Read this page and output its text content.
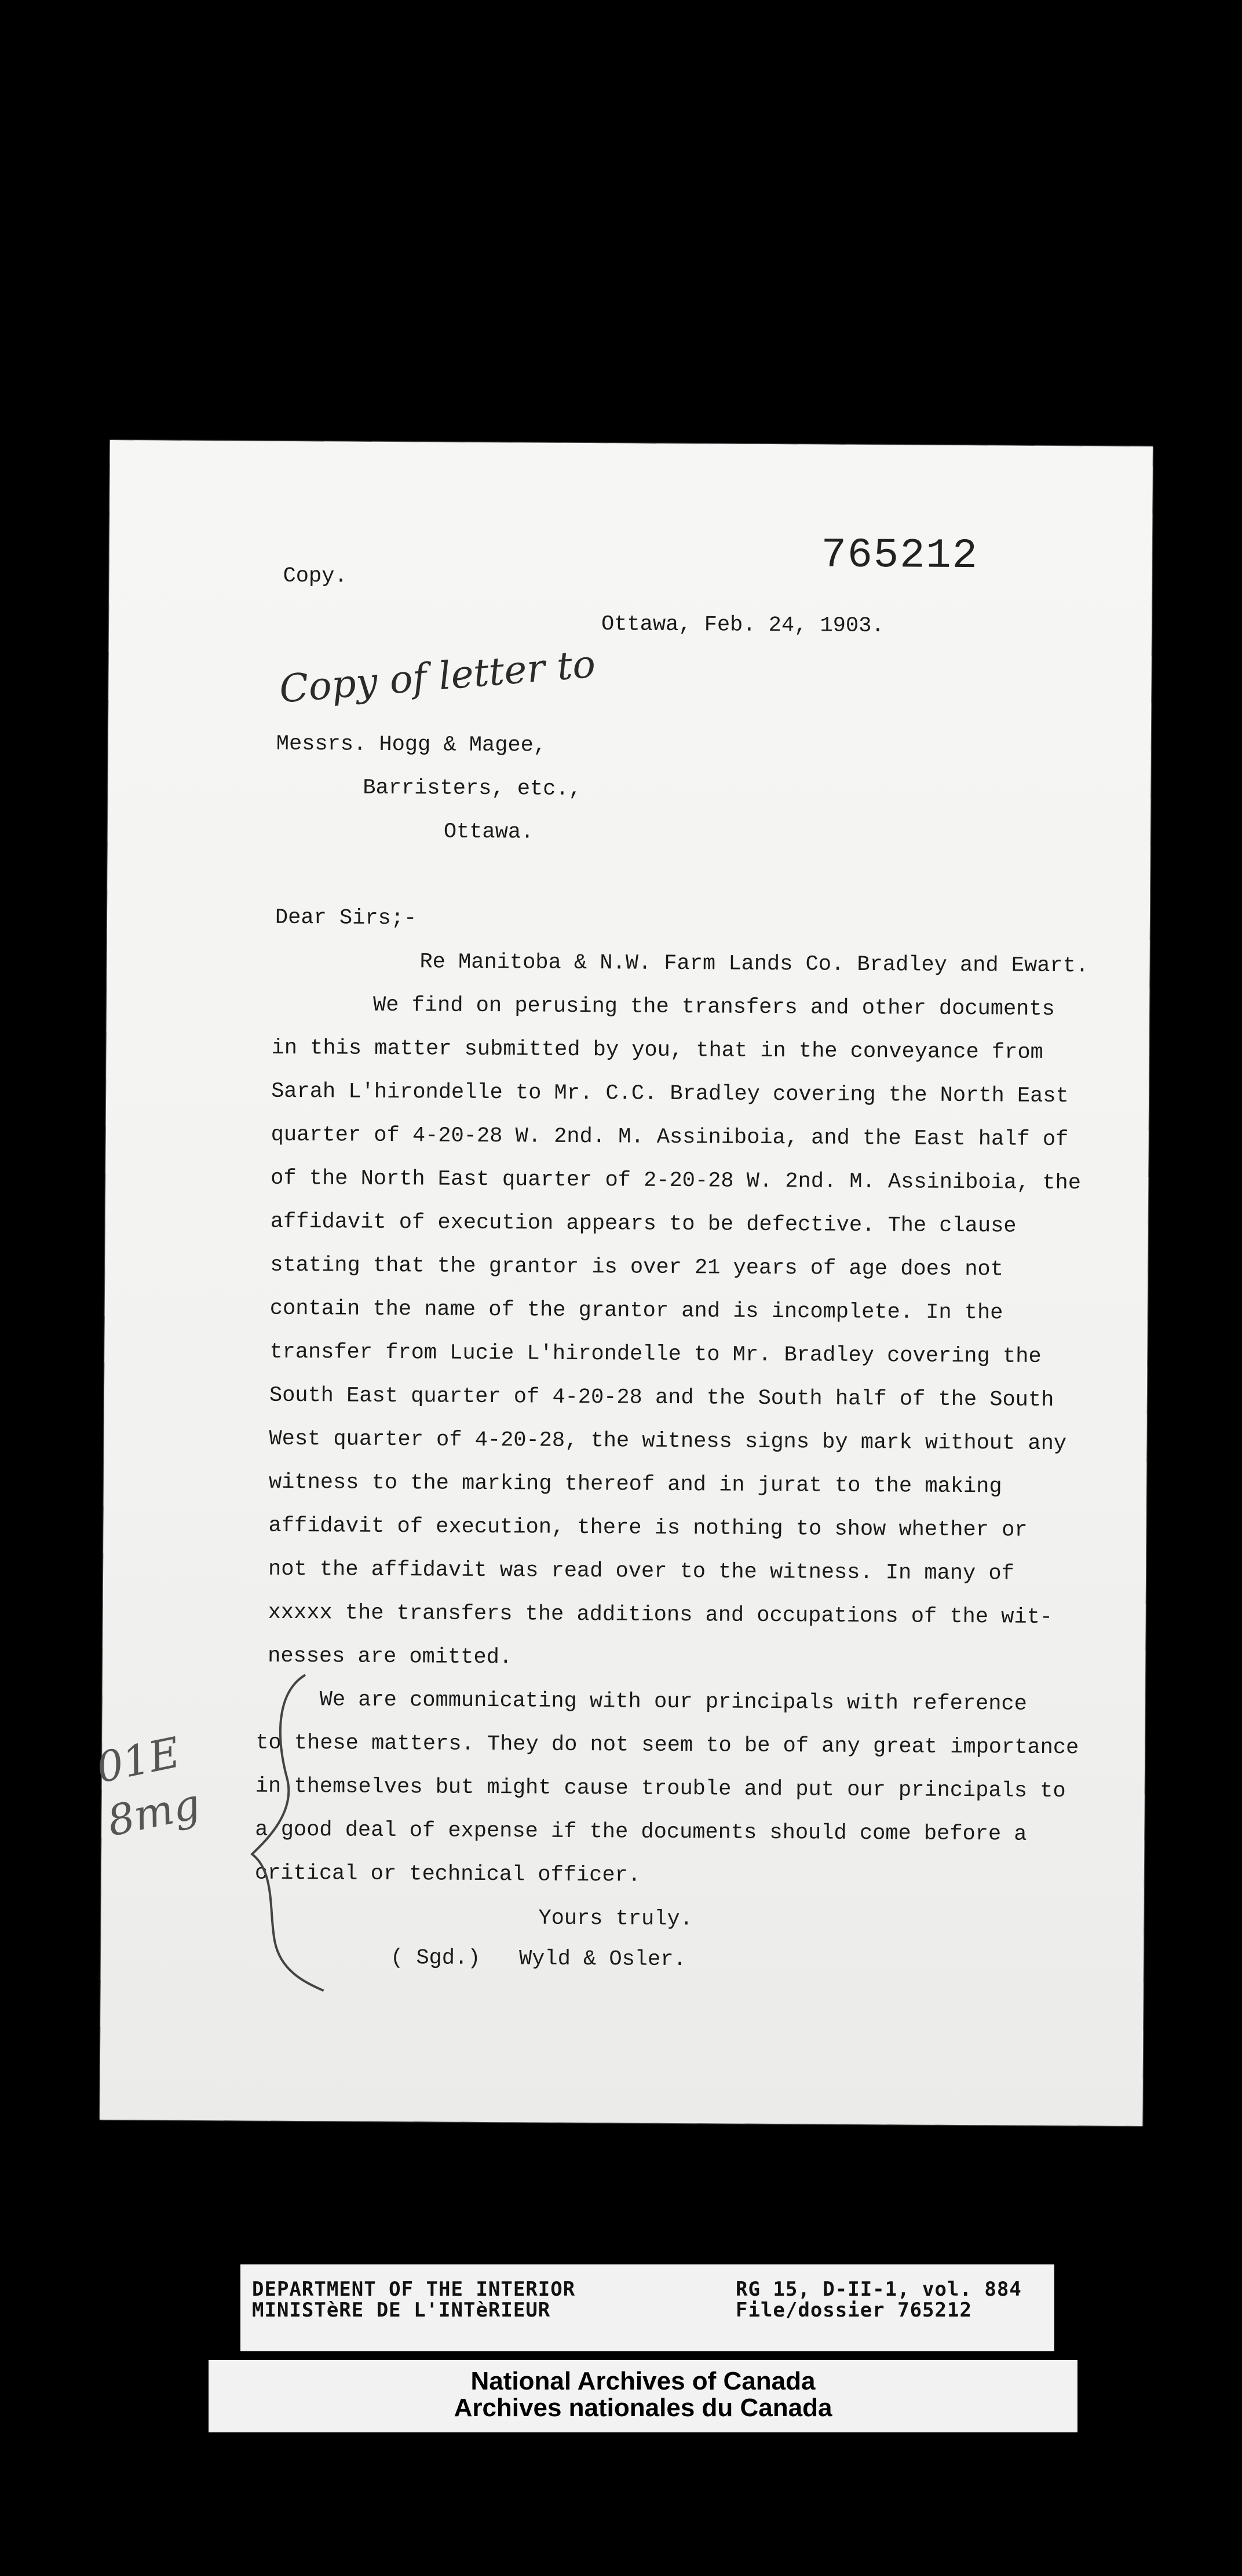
765212
Copy.
Ottawa, Feb. 24, 1903.
Copy of letter to
Messrs. Hogg & Magee,
Barristers, etc.,
Ottawa.
Dear Sirs;-
Re Manitoba & N.W. Farm Lands Co. Bradley and Ewart.
We find on perusing the transfers and other documents
in this matter submitted by you, that in the conveyance from
Sarah L'hirondelle to Mr. C.C. Bradley covering the North East
quarter of 4-20-28 W. 2nd. M. Assiniboia, and the East half of
of the North East quarter of 2-20-28 W. 2nd. M. Assiniboia, the
affidavit of execution appears to be defective. The clause
stating that the grantor is over 21 years of age does not
contain the name of the grantor and is incomplete. In the
transfer from Lucie L'hirondelle to Mr. Bradley covering the
South East quarter of 4-20-28 and the South half of the South
West quarter of 4-20-28, the witness signs by mark without any
witness to the marking thereof and in jurat to the making
affidavit of execution, there is nothing to show whether or
not the affidavit was read over to the witness. In many of
xxxxx the transfers the additions and occupations of the wit-
nesses are omitted.
We are communicating with our principals with reference
to these matters. They do not seem to be of any great importance
in themselves but might cause trouble and put our principals to
a good deal of expense if the documents should come before a
critical or technical officer.
Yours truly.
( Sgd.)   Wyld & Osler.
01E
8mg
DEPARTMENT OF THE INTERIOR
MINISTèRE DE L'INTèRIEUR
RG 15, D-II-1, vol. 884
File/dossier 765212
National Archives of Canada
Archives nationales du Canada
